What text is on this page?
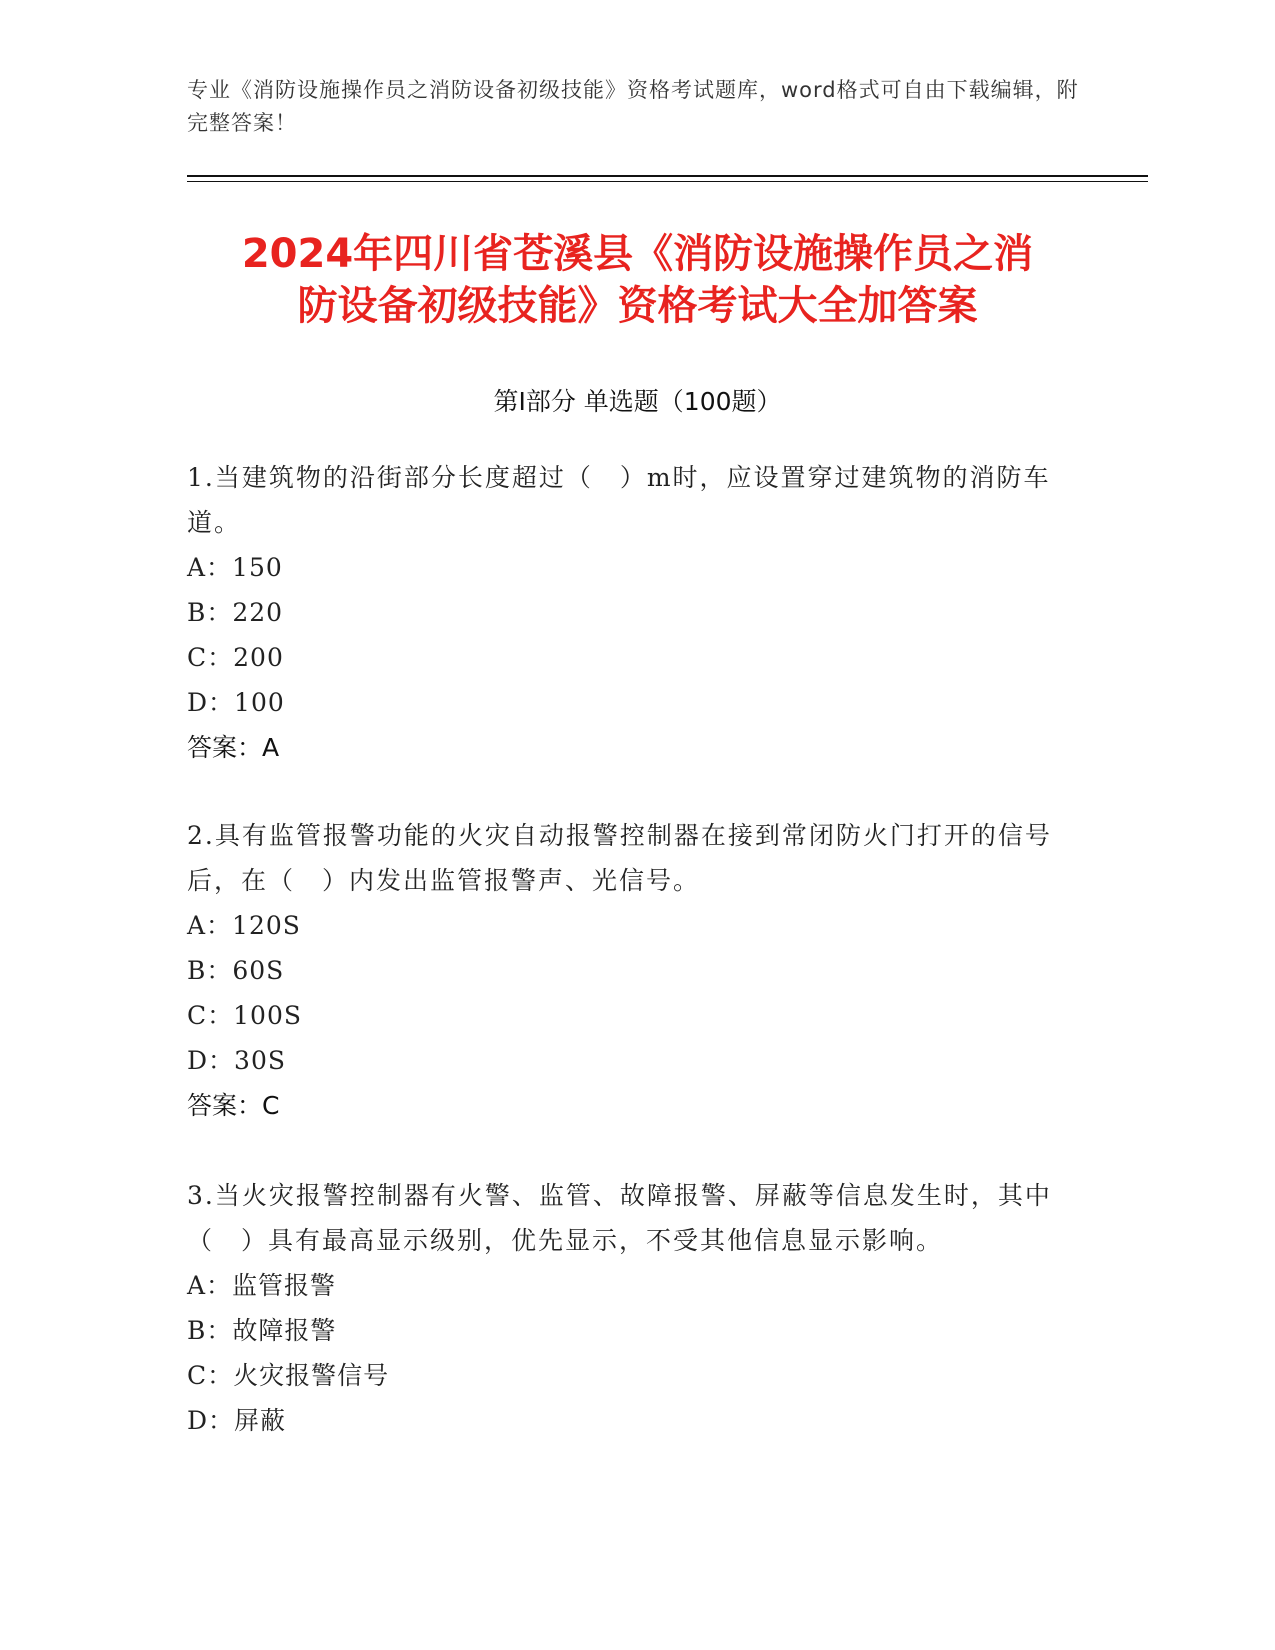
专业《消防设施操作员之消防设备初级技能》资格考试题库，word格式可自由下载编辑，附完整答案！
2024年四川省苍溪县《消防设施操作员之消
防设备初级技能》资格考试大全加答案
第Ⅰ部分 单选题（100题）
1.当建筑物的沿街部分长度超过（　）m时，应设置穿过建筑物的消防车道。
A：150
B：220
C：200
D：100
答案：A
2.具有监管报警功能的火灾自动报警控制器在接到常闭防火门打开的信号后，在（　）内发出监管报警声、光信号。
A：120S
B：60S
C：100S
D：30S
答案：C
3.当火灾报警控制器有火警、监管、故障报警、屏蔽等信息发生时，其中（　）具有最高显示级别，优先显示，不受其他信息显示影响。
A：监管报警
B：故障报警
C：火灾报警信号
D：屏蔽
